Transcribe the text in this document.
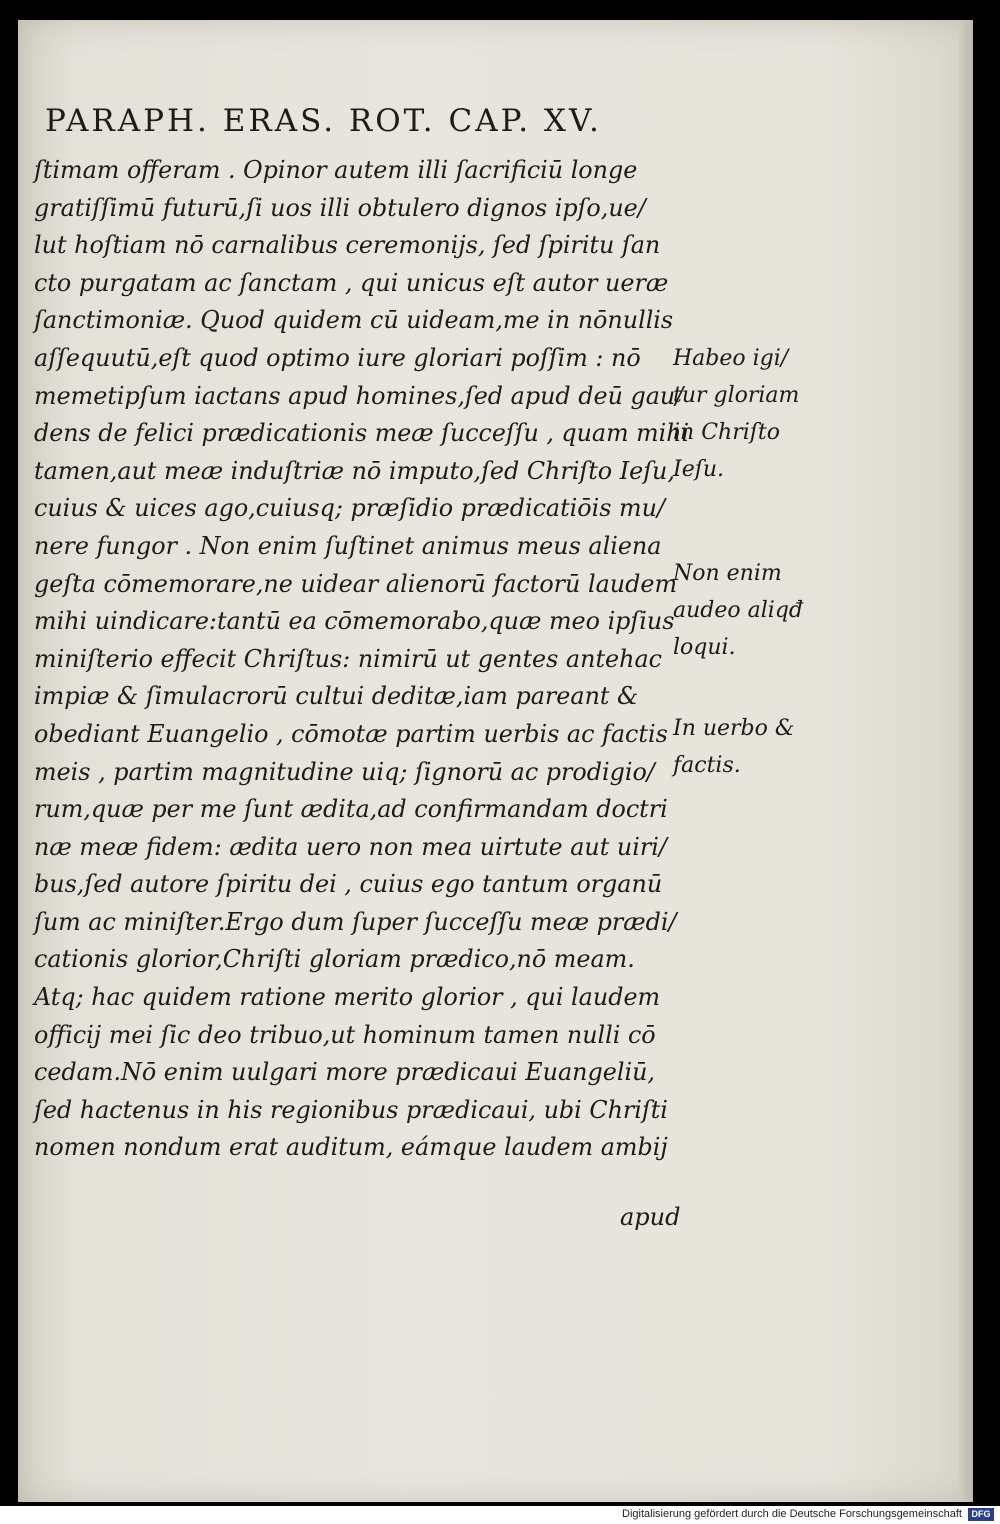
PARAPH. ERAS. ROT. CAP. XV.
ſtimam offeram . Opinor autem illi ſacrificiū longe
gratiſſimū futurū,ſi uos illi obtulero dignos ipſo,ue/
lut hoſtiam nō carnalibus ceremonijs, ſed ſpiritu ſan
cto purgatam ac ſanctam , qui unicus eſt autor ueræ
ſanctimoniæ. Quod quidem cū uideam,me in nōnullis
aſſequutū,eſt quod optimo iure gloriari poſſim : nō
memetipſum iactans apud homines,ſed apud deū gau/
dens de felici prædicationis meæ ſucceſſu , quam mihi
tamen,aut meæ induſtriæ nō imputo,ſed Chriſto Ieſu,
cuius & uices ago,cuiusq; præſidio prædicatiōis mu/
nere fungor . Non enim ſuſtinet animus meus aliena
geſta cōmemorare,ne uidear alienorū factorū laudem
mihi uindicare:tantū ea cōmemorabo,quæ meo ipſius
miniſterio effecit Chriſtus: nimirū ut gentes antehac
impiæ & ſimulacrorū cultui deditæ,iam pareant &
obediant Euangelio , cōmotæ partim uerbis ac factis
meis , partim magnitudine uiq; ſignorū ac prodigio/
rum,quæ per me ſunt ædita,ad confirmandam doctri
næ meæ fidem: ædita uero non mea uirtute aut uiri/
bus,ſed autore ſpiritu dei , cuius ego tantum organū
ſum ac miniſter.Ergo dum ſuper ſucceſſu meæ prædi/
cationis glorior,Chriſti gloriam prædico,nō meam.
Atq; hac quidem ratione merito glorior , qui laudem
officij mei ſic deo tribuo,ut hominum tamen nulli cō
cedam.Nō enim uulgari more prædicaui Euangeliū,
ſed hactenus in his regionibus prædicaui, ubi Chriſti
nomen nondum erat auditum, eámque laudem ambij
apud
Habeo igi/
tur gloriam
in Chriſto
Ieſu.
Non enim
audeo aliqđ
loqui.
In uerbo &
factis.
Digitalisierung gefördert durch die Deutsche Forschungsgemeinschaft	DFG
